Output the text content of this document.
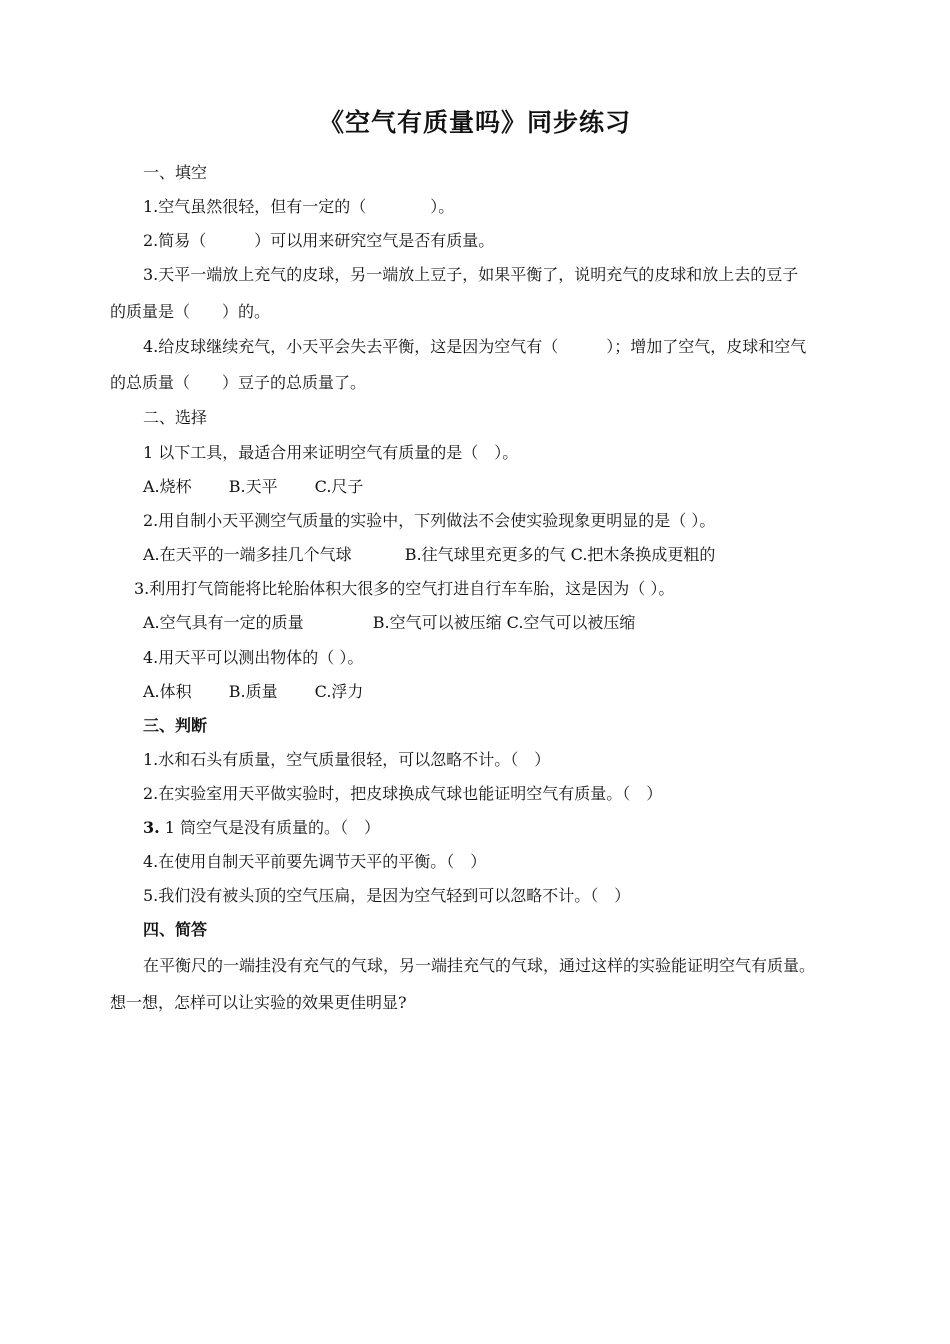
《空气有质量吗》同步练习
一、填空
1.空气虽然很轻，但有一定的（　　　　）。
2.简易（　　　）可以用来研究空气是否有质量。
3.天平一端放上充气的皮球，另一端放上豆子，如果平衡了，说明充气的皮球和放上去的豆子
的质量是（　　）的。
4.给皮球继续充气，小天平会失去平衡，这是因为空气有（　　　）；增加了空气，皮球和空气
的总质量（　　）豆子的总质量了。
二、选择
1 以下工具，最适合用来证明空气有质量的是（　）。
A.烧杯　　 B.天平　　 C.尺子
2.用自制小天平测空气质量的实验中，下列做法不会使实验现象更明显的是（ ）。
A.在天平的一端多挂几个气球　　　 B.往气球里充更多的气 C.把木条换成更粗的
3.利用打气筒能将比轮胎体积大很多的空气打进自行车车胎，这是因为（ ）。
A.空气具有一定的质量　　　　 B.空气可以被压缩 C.空气可以被压缩
4.用天平可以测出物体的（ ）。
A.体积　　 B.质量　　 C.浮力
三、判断
1.水和石头有质量，空气质量很轻，可以忽略不计。（　）
2.在实验室用天平做实验时，把皮球换成气球也能证明空气有质量。（　）
3. 1 筒空气是没有质量的。（　）
4.在使用自制天平前要先调节天平的平衡。（　）
5.我们没有被头顶的空气压扁，是因为空气轻到可以忽略不计。（　）
四、简答
在平衡尺的一端挂没有充气的气球，另一端挂充气的气球，通过这样的实验能证明空气有质量。
想一想，怎样可以让实验的效果更佳明显?
